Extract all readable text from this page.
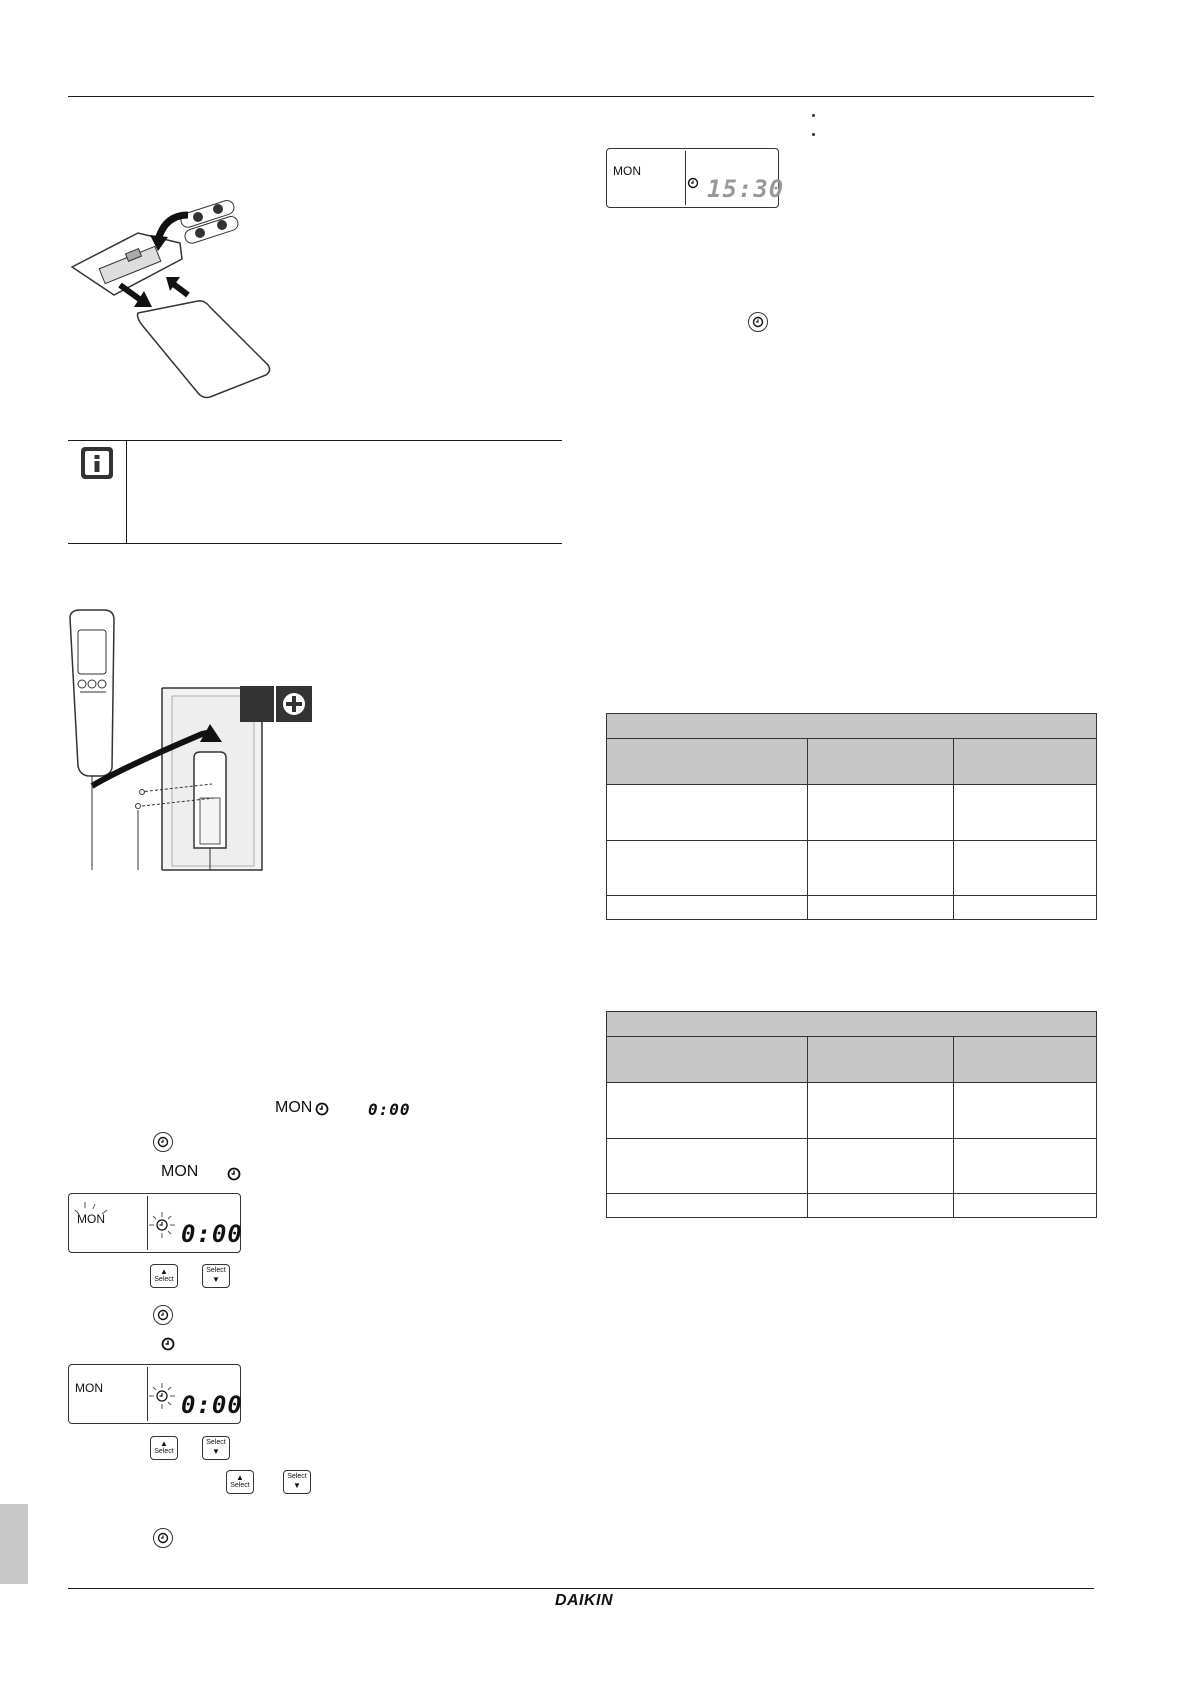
DAIKIN
MON	0:00
MON
MON
0:00
▲
Select
Select
▼
MON
0:00
▲
Select
Select
▼
▲
Select
Select
▼
MON
15:30
